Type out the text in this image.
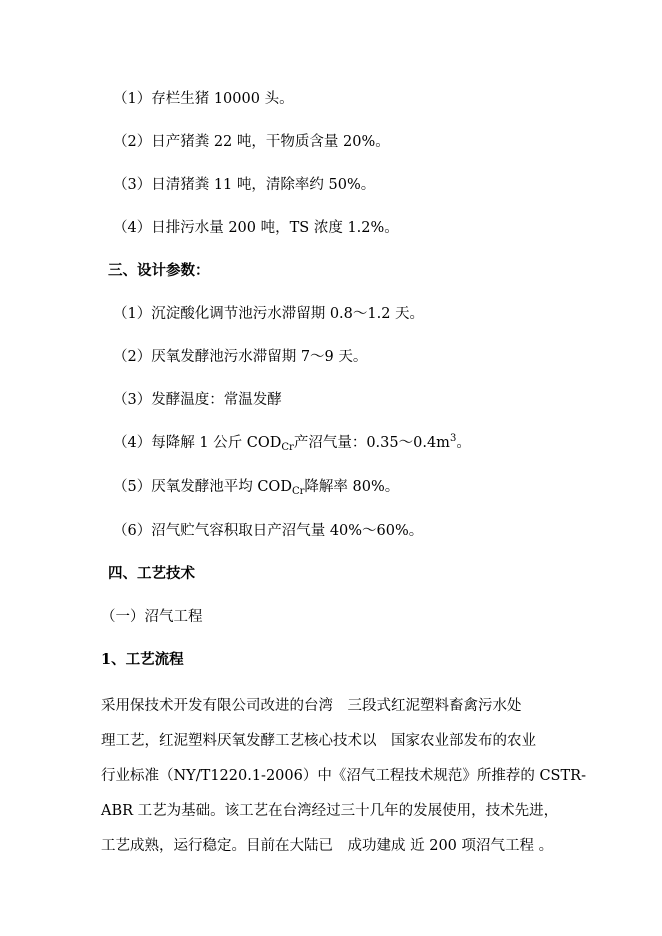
（1）存栏生猪 10000 头。
（2）日产猪粪 22 吨，干物质含量 20%。
（3）日清猪粪 11 吨，清除率约 50%。
（4）日排污水量 200 吨，TS 浓度 1.2%。
三、设计参数：
（1）沉淀酸化调节池污水滞留期 0.8～1.2 天。
（2）厌氧发酵池污水滞留期 7～9 天。
（3）发酵温度：常温发酵
（4）每降解 1 公斤 $COD_{Cr}$产沼气量：$0.35\sim 0.4m^3$。
（5）厌氧发酵池平均 $COD_{Cr}$降解率 80%。
（6）沼气贮气容积取日产沼气量 40%～60%。
四、工艺技术
（一）沼气工程
1、工艺流程
采用保技术开发有限公司改进的台湾　三段式红泥塑料畜禽污水处
理工艺，红泥塑料厌氧发酵工艺核心技术以　国家农业部发布的农业
行业标准（NY/T1220.1-2006）中《沼气工程技术规范》所推荐的 CSTR-
ABR 工艺为基础。该工艺在台湾经过三十几年的发展使用，技术先进，
工艺成熟，运行稳定。目前在大陆已　成功建成 近 200 项沼气工程 。
